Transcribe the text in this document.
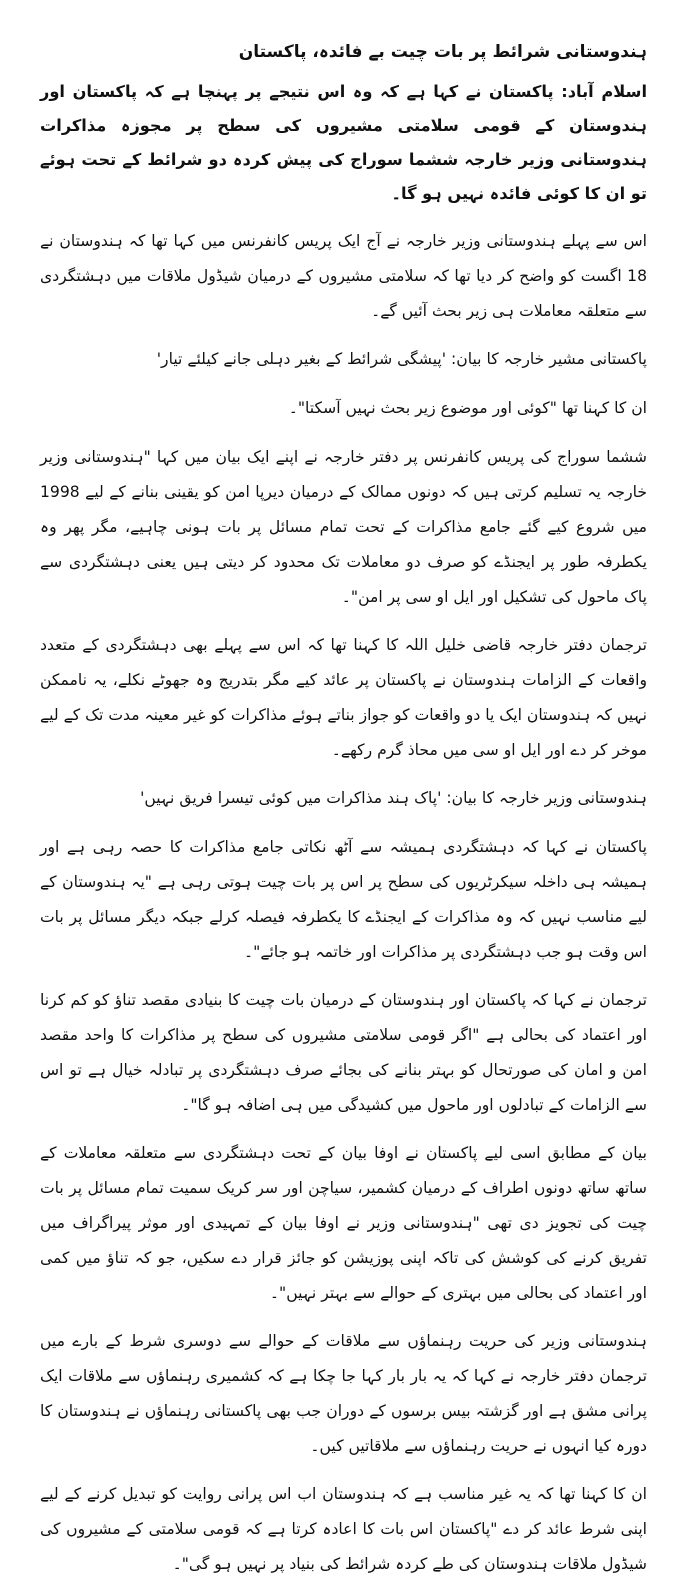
ہندوستانی شرائط پر بات چیت بے فائدہ، پاکستان

اسلام آباد: پاکستان نے کہا ہے کہ وہ اس نتیجے پر پہنچا ہے کہ پاکستان اور ہندوستان کے قومی سلامتی مشیروں کی سطح پر مجوزہ مذاکرات ہندوستانی وزیر خارجہ ششما سوراج کی پیش کردہ دو شرائط کے تحت ہوئے تو ان کا کوئی فائدہ نہیں ہو گا۔

اس سے پہلے ہندوستانی وزیر خارجہ نے آج ایک پریس کانفرنس میں کہا تھا کہ ہندوستان نے 18 اگست کو واضح کر دیا تھا کہ سلامتی مشیروں کے درمیان شیڈول ملاقات میں دہشتگردی سے متعلقہ معاملات ہی زیر بحث آئیں گے۔

پاکستانی مشیر خارجہ کا بیان: 'پیشگی شرائط کے بغیر دہلی جانے کیلئے تیار'

ان کا کہنا تھا "کوئی اور موضوع زیر بحث نہیں آسکتا"۔

ششما سوراج کی پریس کانفرنس پر دفتر خارجہ نے اپنے ایک بیان میں کہا "ہندوستانی وزیر خارجہ یہ تسلیم کرتی ہیں کہ دونوں ممالک کے درمیان دیرپا امن کو یقینی بنانے کے لیے 1998 میں شروع کیے گئے جامع مذاکرات کے تحت تمام مسائل پر بات ہونی چاہیے، مگر پھر وہ یکطرفہ طور پر ایجنڈے کو صرف دو معاملات تک محدود کر دیتی ہیں یعنی دہشتگردی سے پاک ماحول کی تشکیل اور ایل او سی پر امن"۔

ترجمان دفتر خارجہ قاضی خلیل اللہ کا کہنا تھا کہ اس سے پہلے بھی دہشتگردی کے متعدد واقعات کے الزامات ہندوستان نے پاکستان پر عائد کیے مگر بتدریج وہ جھوٹے نکلے، یہ ناممکن نہیں کہ ہندوستان ایک یا دو واقعات کو جواز بناتے ہوئے مذاکرات کو غیر معینہ مدت تک کے لیے موخر کر دے اور ایل او سی میں محاذ گرم رکھے۔

ہندوستانی وزیر خارجہ کا بیان: 'پاک ہند مذاکرات میں کوئی تیسرا فریق نہیں'

پاکستان نے کہا کہ دہشتگردی ہمیشہ سے آٹھ نکاتی جامع مذاکرات کا حصہ رہی ہے اور ہمیشہ ہی داخلہ سیکرٹریوں کی سطح پر اس پر بات چیت ہوتی رہی ہے "یہ ہندوستان کے لیے مناسب نہیں کہ وہ مذاکرات کے ایجنڈے کا یکطرفہ فیصلہ کرلے جبکہ دیگر مسائل پر بات اس وقت ہو جب دہشتگردی پر مذاکرات اور خاتمہ ہو جائے"۔

ترجمان نے کہا کہ پاکستان اور ہندوستان کے درمیان بات چیت کا بنیادی مقصد تناؤ کو کم کرنا اور اعتماد کی بحالی ہے "اگر قومی سلامتی مشیروں کی سطح پر مذاکرات کا واحد مقصد امن و امان کی صورتحال کو بہتر بنانے کی بجائے صرف دہشتگردی پر تبادلہ خیال ہے تو اس سے الزامات کے تبادلوں اور ماحول میں کشیدگی میں ہی اضافہ ہو گا"۔

بیان کے مطابق اسی لیے پاکستان نے اوفا بیان کے تحت دہشتگردی سے متعلقہ معاملات کے ساتھ ساتھ دونوں اطراف کے درمیان کشمیر، سیاچن اور سر کریک سمیت تمام مسائل پر بات چیت کی تجویز دی تھی "ہندوستانی وزیر نے اوفا بیان کے تمہیدی اور موثر پیراگراف میں تفریق کرنے کی کوشش کی تاکہ اپنی پوزیشن کو جائز قرار دے سکیں، جو کہ تناؤ میں کمی اور اعتماد کی بحالی میں بہتری کے حوالے سے بہتر نہیں"۔

ہندوستانی وزیر کی حریت رہنماؤں سے ملاقات کے حوالے سے دوسری شرط کے بارے میں ترجمان دفتر خارجہ نے کہا کہ یہ بار بار کہا جا چکا ہے کہ کشمیری رہنماؤں سے ملاقات ایک پرانی مشق ہے اور گزشتہ بیس برسوں کے دوران جب بھی پاکستانی رہنماؤں نے ہندوستان کا دورہ کیا انہوں نے حریت رہنماؤں سے ملاقاتیں کیں۔

ان کا کہنا تھا کہ یہ غیر مناسب ہے کہ ہندوستان اب اس پرانی روایت کو تبدیل کرنے کے لیے اپنی شرط عائد کر دے "پاکستان اس بات کا اعادہ کرتا ہے کہ قومی سلامتی کے مشیروں کی شیڈول ملاقات ہندوستان کی طے کردہ شرائط کی بنیاد پر نہیں ہو گی"۔
